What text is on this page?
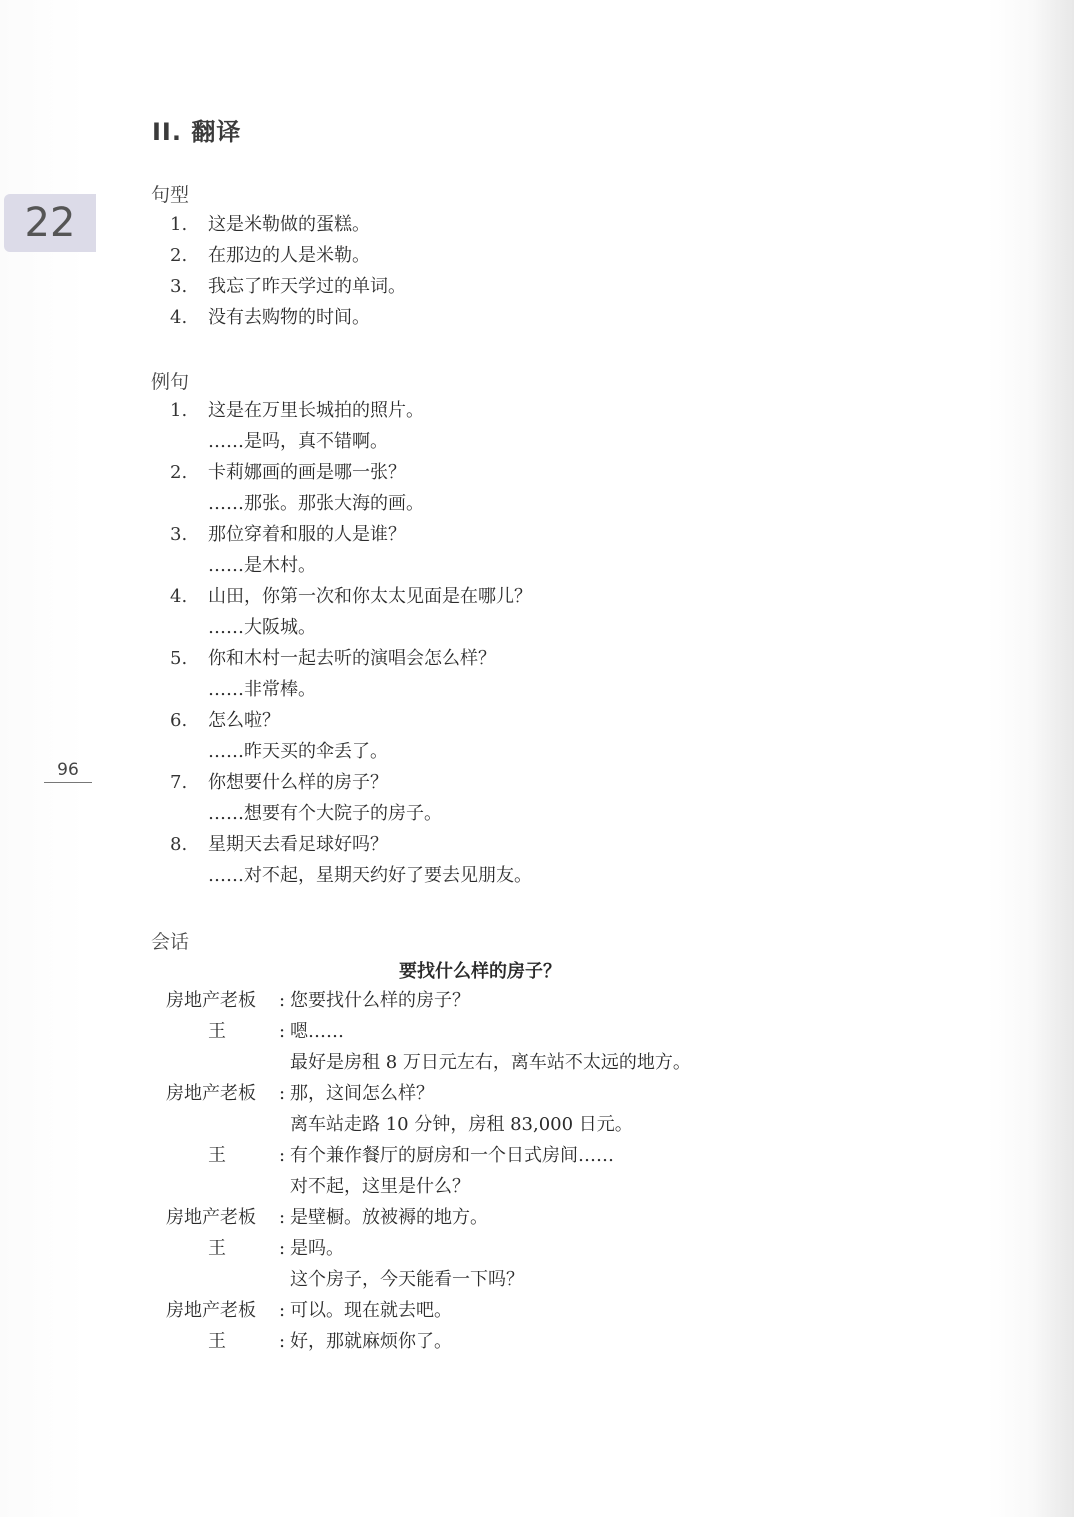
II. 翻译
22
96
句型
1.	这是米勒做的蛋糕。
2.	在那边的人是米勒。
3.	我忘了昨天学过的单词。
4.	没有去购物的时间。
例句
1.	这是在万里长城拍的照片。
……是吗，真不错啊。
2.	卡莉娜画的画是哪一张？
……那张。那张大海的画。
3.	那位穿着和服的人是谁？
……是木村。
4.	山田，你第一次和你太太见面是在哪儿？
……大阪城。
5.	你和木村一起去听的演唱会怎么样？
……非常棒。
6.	怎么啦？
……昨天买的伞丢了。
7.	你想要什么样的房子？
……想要有个大院子的房子。
8.	星期天去看足球好吗？
……对不起，星期天约好了要去见朋友。
会话
要找什么样的房子？
房地产老板	: 您要找什么样的房子？
王	: 嗯……
最好是房租 8 万日元左右，离车站不太远的地方。
房地产老板	: 那，这间怎么样？
离车站走路 10 分钟，房租 83,000 日元。
王	: 有个兼作餐厅的厨房和一个日式房间……
对不起，这里是什么？
房地产老板	: 是壁橱。放被褥的地方。
王	: 是吗。
这个房子，今天能看一下吗？
房地产老板	: 可以。现在就去吧。
王	: 好，那就麻烦你了。
